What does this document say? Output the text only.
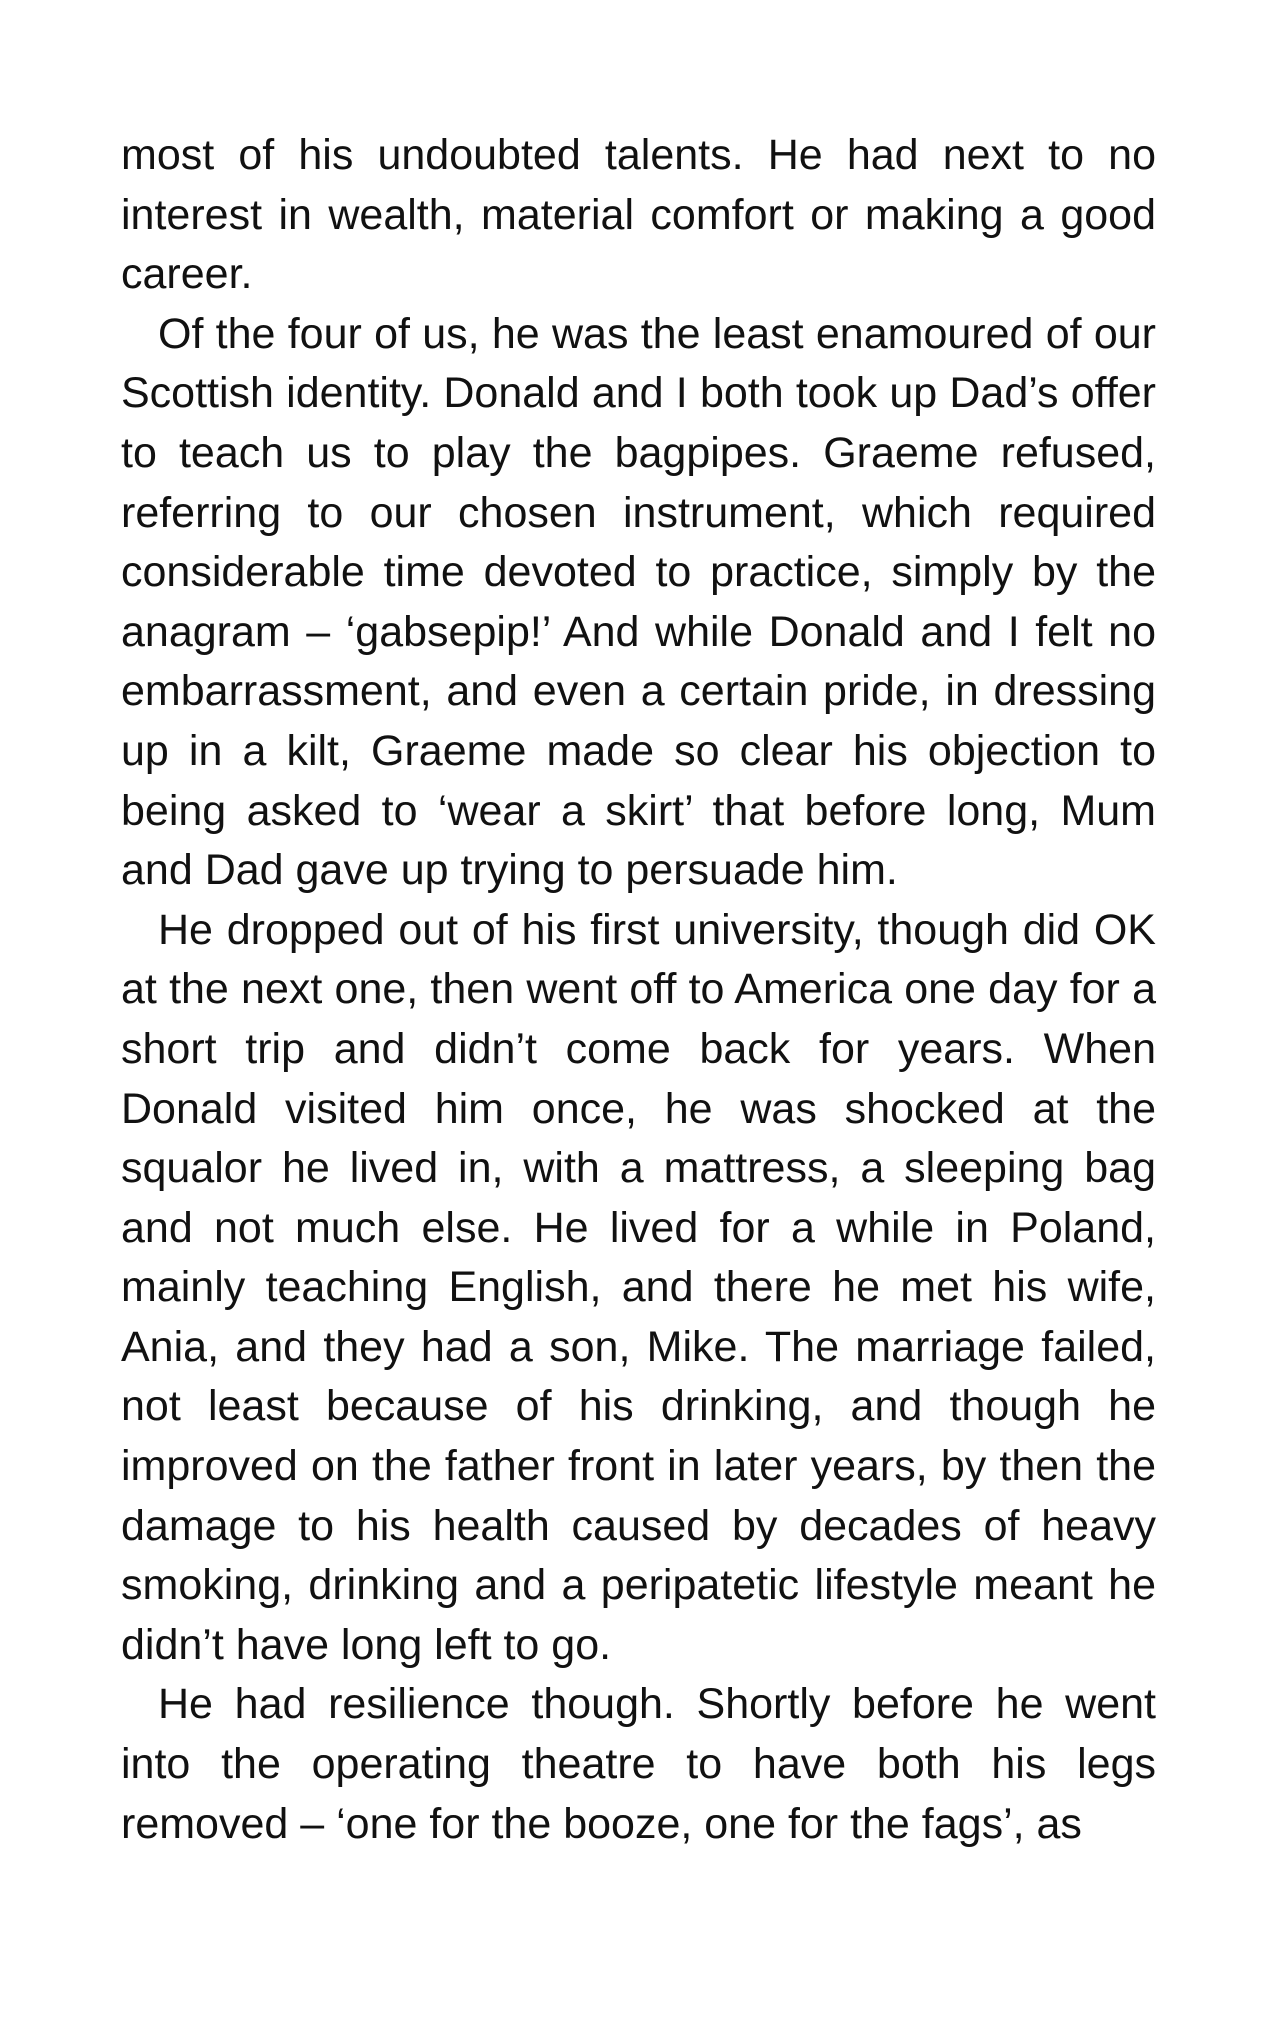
most of his undoubted talents. He had next to no interest in wealth, material comfort or making a good career.

Of the four of us, he was the least enamoured of our Scottish identity. Donald and I both took up Dad’s offer to teach us to play the bagpipes. Graeme refused, referring to our chosen instrument, which required considerable time devoted to practice, simply by the anagram – ‘gabsepip!’ And while Donald and I felt no embarrassment, and even a certain pride, in dressing up in a kilt, Graeme made so clear his objection to being asked to ‘wear a skirt’ that before long, Mum and Dad gave up trying to persuade him.

He dropped out of his first university, though did OK at the next one, then went off to America one day for a short trip and didn’t come back for years. When Donald visited him once, he was shocked at the squalor he lived in, with a mattress, a sleeping bag and not much else. He lived for a while in Poland, mainly teaching English, and there he met his wife, Ania, and they had a son, Mike. The marriage failed, not least because of his drinking, and though he improved on the father front in later years, by then the damage to his health caused by decades of heavy smoking, drinking and a peripatetic lifestyle meant he didn’t have long left to go.

He had resilience though. Shortly before he went into the operating theatre to have both his legs removed – ‘one for the booze, one for the fags’, as
